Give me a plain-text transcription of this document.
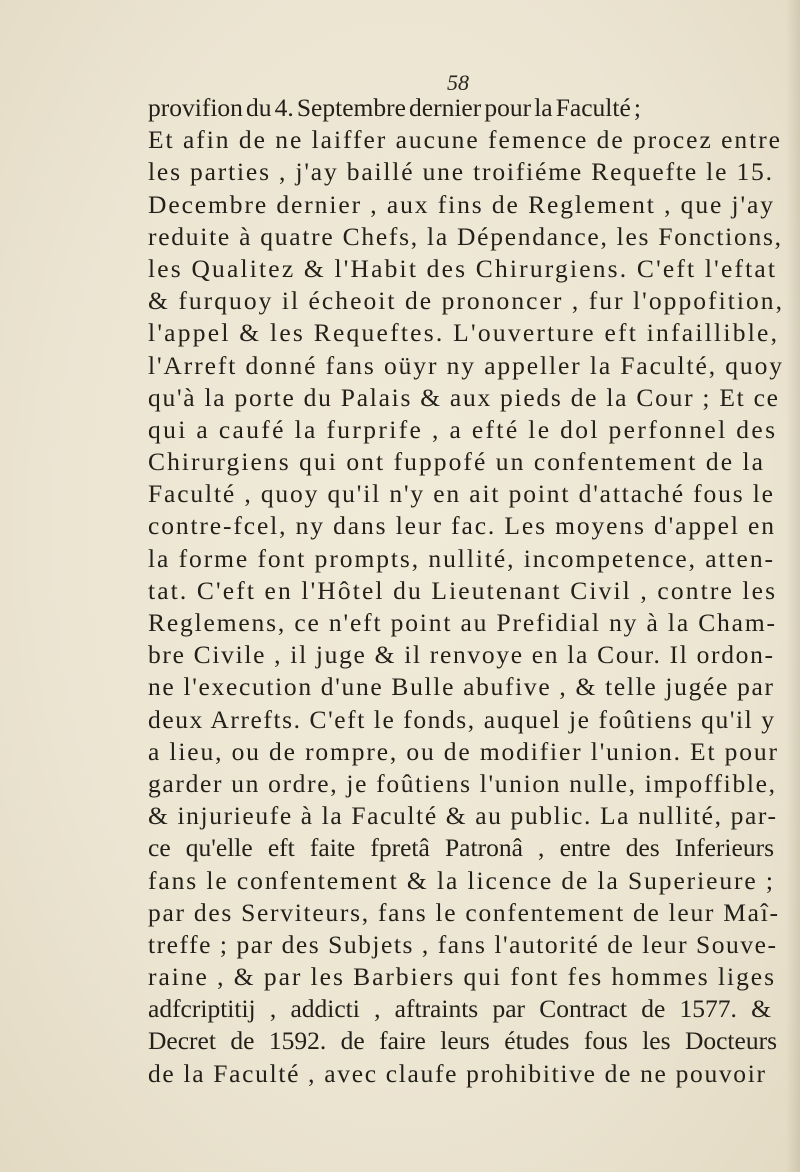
58

provifion du 4. Septembre dernier pour la Faculté ;
Et afin de ne laiffer aucune femence de procez entre
les parties , j'ay baillé une troifiéme Requefte le 15.
Decembre dernier , aux fins de Reglement , que j'ay
reduite à quatre Chefs, la Dépendance, les Fonctions,
les Qualitez & l'Habit des Chirurgiens. C'eft l'eftat
& furquoy il écheoit de prononcer , fur l'oppofition,
l'appel & les Requeftes. L'ouverture eft infaillible,
l'Arreft donné fans oüyr ny appeller la Faculté, quoy
qu'à la porte du Palais & aux pieds de la Cour ; Et ce
qui a caufé la furprife , a efté le dol perfonnel des
Chirurgiens qui ont fuppofé un confentement de la
Faculté , quoy qu'il n'y en ait point d'attaché fous le
contre-fcel, ny dans leur fac. Les moyens d'appel en
la forme font prompts, nullité, incompetence, atten-
tat. C'eft en l'Hôtel du Lieutenant Civil , contre les
Reglemens, ce n'eft point au Prefidial ny à la Cham-
bre Civile , il juge & il renvoye en la Cour. Il ordon-
ne l'execution d'une Bulle abufive , & telle jugée par
deux Arrefts. C'eft le fonds, auquel je foûtiens qu'il y
a lieu, ou de rompre, ou de modifier l'union. Et pour
garder un ordre, je foûtiens l'union nulle, impoffible,
& injurieufe à la Faculté & au public. La nullité, par-
ce qu'elle eft faite fpretâ Patronâ , entre des Inferieurs
fans le confentement & la licence de la Superieure ;
par des Serviteurs, fans le confentement de leur Maî-
treffe ; par des Subjets , fans l'autorité de leur Souve-
raine , & par les Barbiers qui font fes hommes liges
adfcriptitij , addicti , aftraints par Contract de 1577. &
Decret de 1592. de faire leurs études fous les Docteurs
de la Faculté , avec claufe prohibitive de ne pouvoir
